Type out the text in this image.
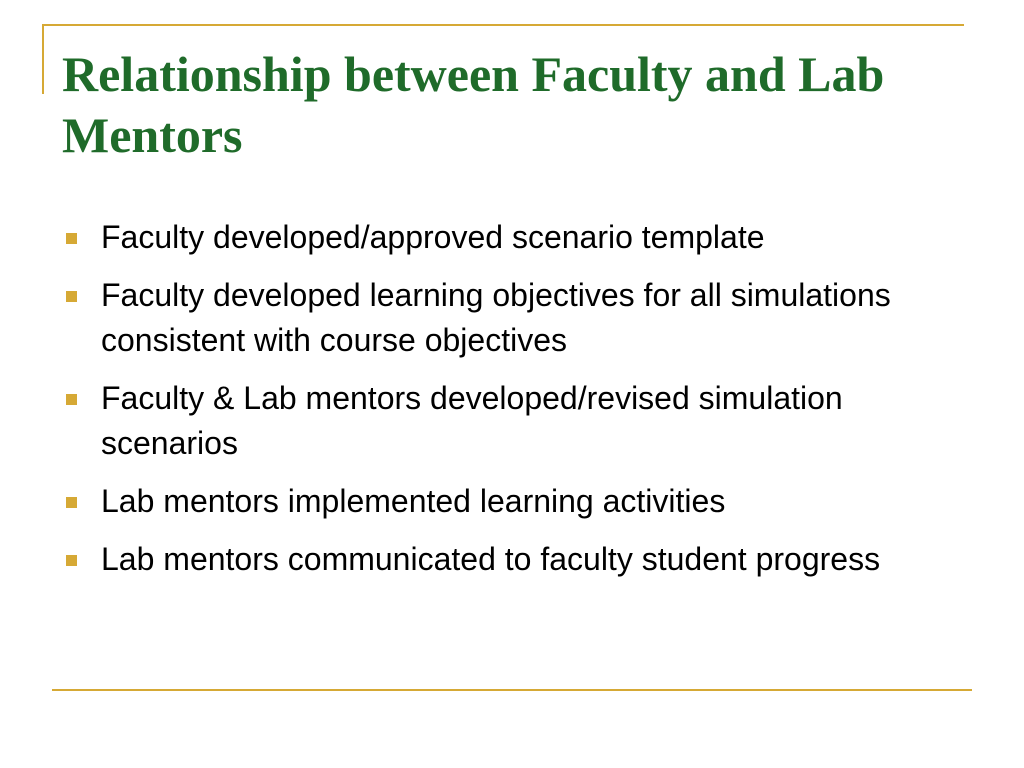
Relationship between Faculty and Lab Mentors
Faculty developed/approved scenario template
Faculty developed learning objectives for all simulations consistent with course objectives
Faculty & Lab mentors developed/revised simulation scenarios
Lab mentors implemented learning activities
Lab mentors communicated to faculty student progress
